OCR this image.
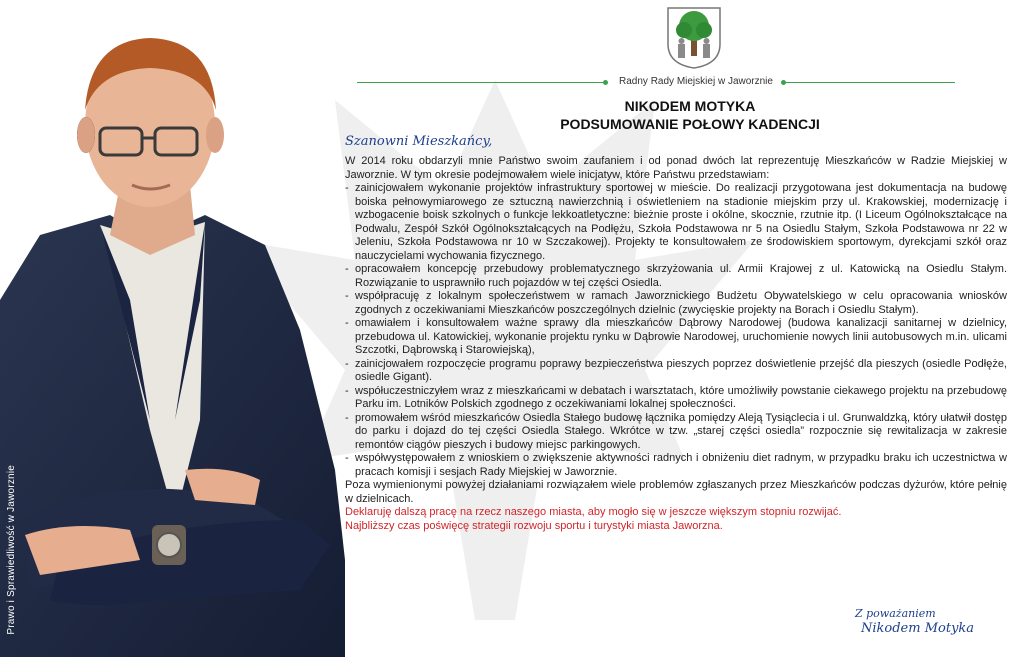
Prawo i Sprawiedliwość w Jaworznie
Radny Rady Miejskiej w Jaworznie
NIKODEM MOTYKA
PODSUMOWANIE POŁOWY KADENCJI
Szanowni Mieszkańcy,

W 2014 roku obdarzyli mnie Państwo swoim zaufaniem i od ponad dwóch lat reprezentuję Mieszkańców w Radzie Miejskiej w Jaworznie. W tym okresie podejmowałem wiele inicjatyw, które Państwu przedstawiam:

- zainicjowałem wykonanie projektów infrastruktury sportowej w mieście. Do realizacji przygotowana jest dokumentacja na budowę boiska pełnowymiarowego ze sztuczną nawierzchnią i oświetleniem na stadionie miejskim przy ul. Krakowskiej, modernizację i wzbogacenie boisk szkolnych o funkcje lekkoatletyczne: bieżnie proste i okólne, skocznie, rzutnie itp. (I Liceum Ogólnokształcące na Podwalu, Zespół Szkół Ogólnokształcących na Podłężu, Szkoła Podstawowa nr 5 na Osiedlu Stałym, Szkoła Podstawowa nr 22 w Jeleniu, Szkoła Podstawowa nr 10 w Szczakowej). Projekty te konsultowałem ze środowiskiem sportowym, dyrekcjami szkół oraz nauczycielami wychowania fizycznego.
- opracowałem koncepcję przebudowy problematycznego skrzyżowania ul. Armii Krajowej z ul. Katowicką na Osiedlu Stałym. Rozwiązanie to usprawniło ruch pojazdów w tej części Osiedla.
- współpracuję z lokalnym społeczeństwem w ramach Jaworznickiego Budżetu Obywatelskiego w celu opracowania wniosków zgodnych z oczekiwaniami Mieszkańców poszczególnych dzielnic (zwycięskie projekty na Borach i Osiedlu Stałym).
- omawiałem i konsultowałem ważne sprawy dla mieszkańców Dąbrowy Narodowej (budowa kanalizacji sanitarnej w dzielnicy, przebudowa ul. Katowickiej, wykonanie projektu rynku w Dąbrowie Narodowej, uruchomienie nowych linii autobusowych m.in. ulicami Szczotki, Dąbrowską i Starowiejską),
- zainicjowałem rozpoczęcie programu poprawy bezpieczeństwa pieszych poprzez doświetlenie przejść dla pieszych (osiedle Podłęże, osiedle Gigant).
- współuczestniczyłem wraz z mieszkańcami w debatach i warsztatach, które umożliwiły powstanie ciekawego projektu na przebudowę Parku im. Lotników Polskich zgodnego z oczekiwaniami lokalnej społeczności.
- promowałem wśród mieszkańców Osiedla Stałego budowę łącznika pomiędzy Aleją Tysiąclecia i ul. Grunwaldzką, który ułatwił dostęp do parku i dojazd do tej części Osiedla Stałego. Wkrótce w tzw. „starej części osiedla” rozpocznie się rewitalizacja w zakresie remontów ciągów pieszych i budowy miejsc parkingowych.
- współwystępowałem z wnioskiem o zwiększenie aktywności radnych i obniżeniu diet radnym, w przypadku braku ich uczestnictwa w pracach komisji i sesjach Rady Miejskiej w Jaworznie.

Poza wymienionymi powyżej działaniami rozwiązałem wiele problemów zgłaszanych przez Mieszkańców podczas dyżurów, które pełnię w dzielnicach.

Deklaruję dalszą pracę na rzecz naszego miasta, aby mogło się w jeszcze większym stopniu rozwijać.

Najbliższy czas poświęcę strategii rozwoju sportu i turystyki miasta Jaworzna.

Z poważaniem
Nikodem Motyka
